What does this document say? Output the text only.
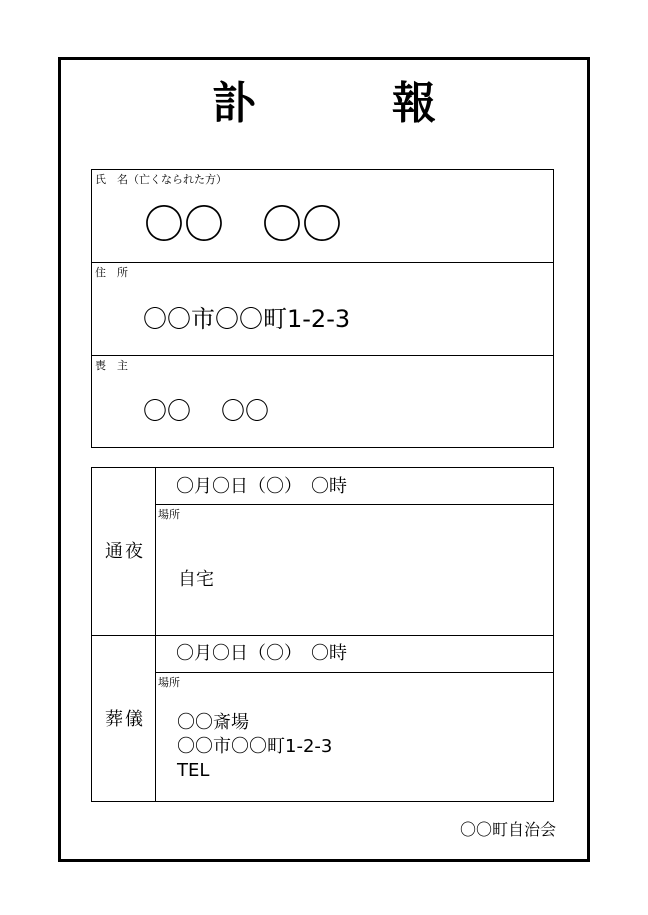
訃　報
氏　名（亡くなられた方）
〇〇 〇〇
住　所
〇〇市〇〇町1-2-3
喪　主
〇〇 〇〇
通夜
〇月〇日（〇）　〇時
場所
自宅
葬儀
〇月〇日（〇）　〇時
場所
〇〇斎場
〇〇市〇〇町1-2-3
TEL
〇〇町自治会
